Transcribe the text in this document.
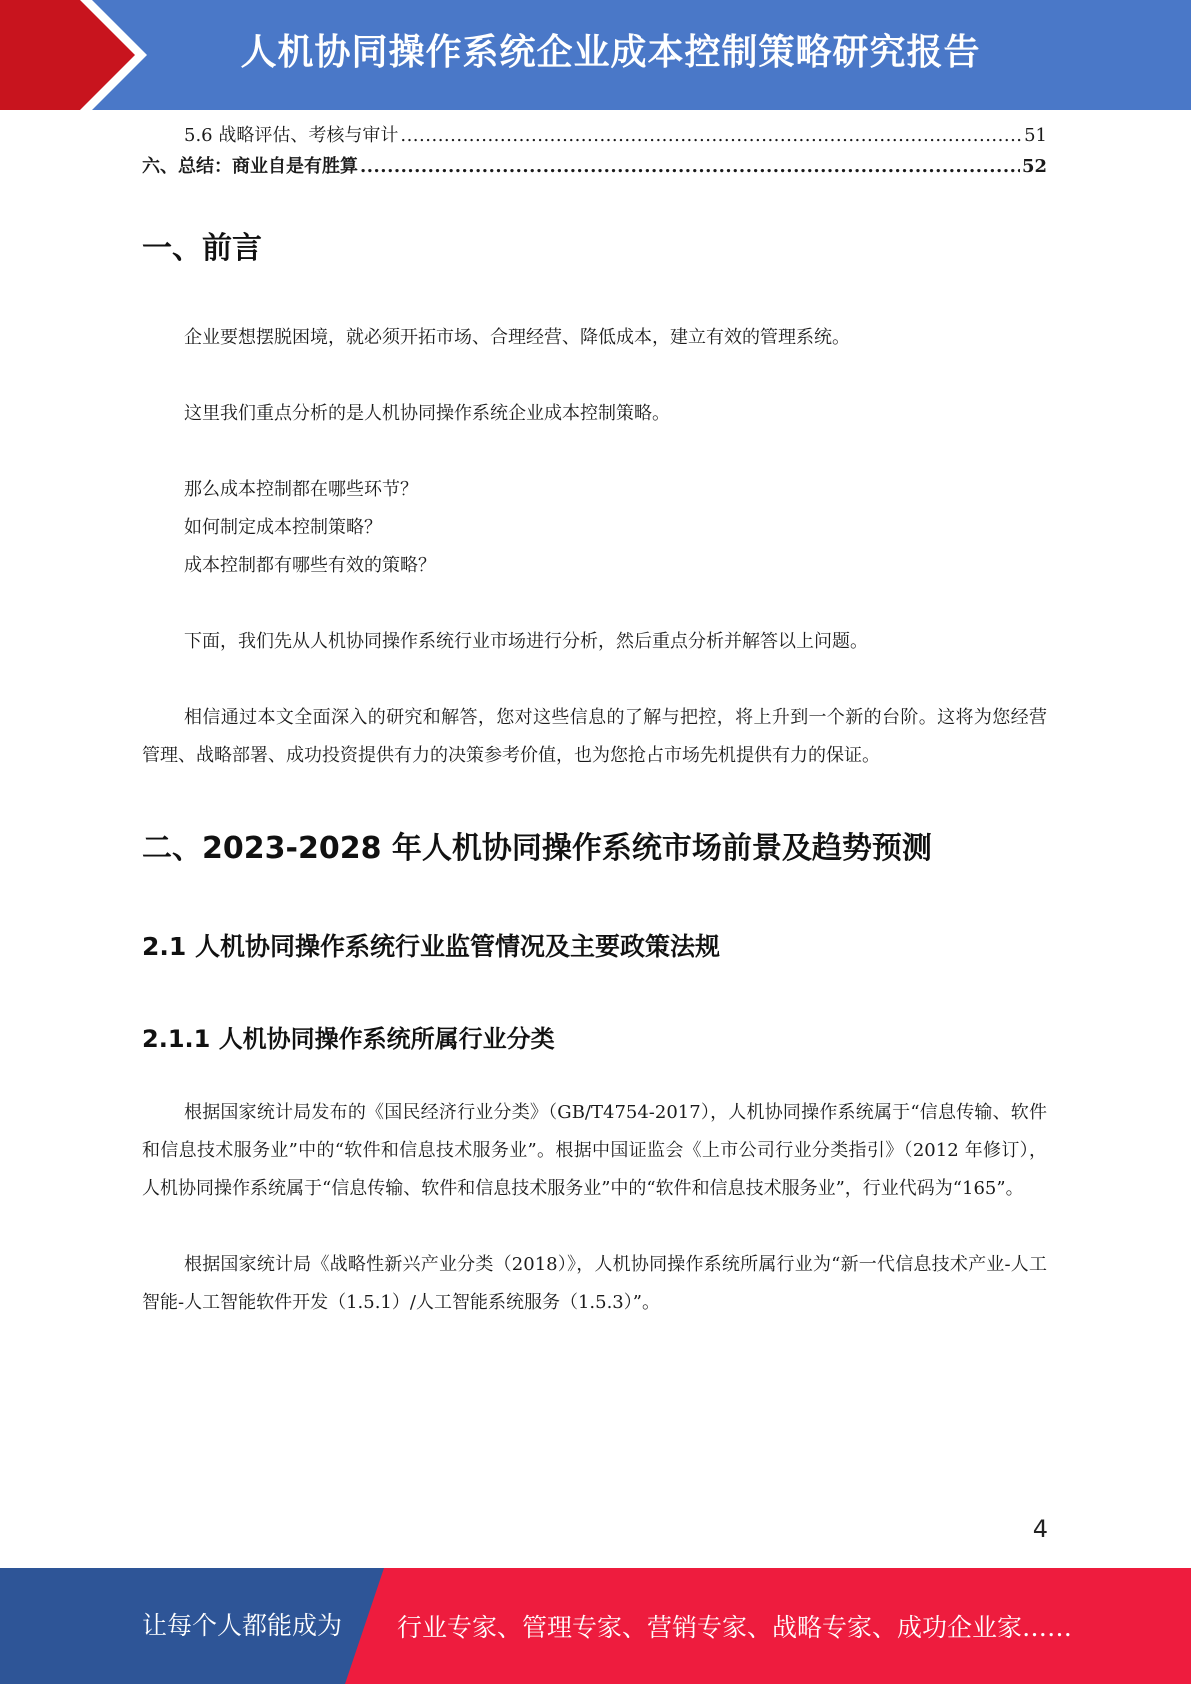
人机协同操作系统企业成本控制策略研究报告
5.6 战略评估、考核与审计 .....	51
六、总结：商业自是有胜算 .....	52
一、前言

企业要想摆脱困境，就必须开拓市场、合理经营、降低成本，建立有效的管理系统。

这里我们重点分析的是人机协同操作系统企业成本控制策略。

那么成本控制都在哪些环节？

如何制定成本控制策略？

成本控制都有哪些有效的策略？

下面，我们先从人机协同操作系统行业市场进行分析，然后重点分析并解答以上问题。

相信通过本文全面深入的研究和解答，您对这些信息的了解与把控，将上升到一个新的台阶。这将为您经营管理、战略部署、成功投资提供有力的决策参考价值，也为您抢占市场先机提供有力的保证。

二、2023-2028 年人机协同操作系统市场前景及趋势预测
2.1 人机协同操作系统行业监管情况及主要政策法规
2.1.1 人机协同操作系统所属行业分类

根据国家统计局发布的《国民经济行业分类》（GB/T4754-2017），人机协同操作系统属于“信息传输、软件和信息技术服务业”中的“软件和信息技术服务业”。根据中国证监会《上市公司行业分类指引》（2012 年修订），人机协同操作系统属于“信息传输、软件和信息技术服务业”中的“软件和信息技术服务业”，行业代码为“165”。

根据国家统计局《战略性新兴产业分类（2018）》，人机协同操作系统所属行业为“新一代信息技术产业-人工智能-人工智能软件开发（1.5.1）/人工智能系统服务（1.5.3）”。

4
让每个人都能成为 行业专家、管理专家、营销专家、战略专家、成功企业家……
